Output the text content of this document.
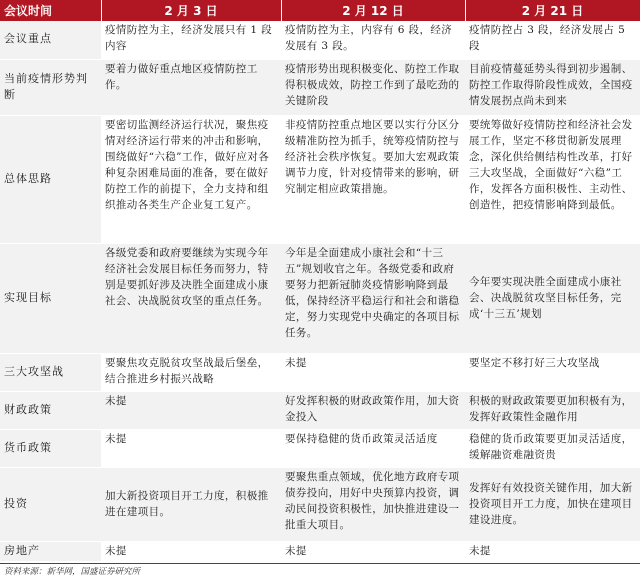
会议时间	2 月 3 日	2 月 12 日	2 月 21 日
会议重点	疫情防控为主，经济发展只有 1 段内容	疫情防控为主，内容有 6 段，经济发展有 3 段。	疫情防控占 3 段，经济发展占 5 段
当前疫情形势判断	要着力做好重点地区疫情防控工作。	疫情形势出现积极变化、防控工作取得积极成效，防控工作到了最吃劲的关键阶段	目前疫情蔓延势头得到初步遏制、防控工作取得阶段性成效，全国疫情发展拐点尚未到来
总体思路	要密切监测经济运行状况，聚焦疫情对经济运行带来的冲击和影响，围绕做好“六稳”工作，做好应对各种复杂困难局面的准备，要在做好防控工作的前提下，全力支持和组织推动各类生产企业复工复产。	非疫情防控重点地区要以实行分区分级精准防控为抓手，统筹疫情防控与经济社会秩序恢复。要加大宏观政策调节力度，针对疫情带来的影响，研究制定相应政策措施。	要统筹做好疫情防控和经济社会发展工作，坚定不移贯彻新发展理念，深化供给侧结构性改革，打好三大攻坚战，全面做好“六稳”工作，发挥各方面积极性、主动性、创造性，把疫情影响降到最低。
实现目标	各级党委和政府要继续为实现今年经济社会发展目标任务而努力，特别是要抓好涉及决胜全面建成小康社会、决战脱贫攻坚的重点任务。	今年是全面建成小康社会和“十三五”规划收官之年。各级党委和政府要努力把新冠肺炎疫情影响降到最低，保持经济平稳运行和社会和谐稳定，努力实现党中央确定的各项目标任务。	今年要实现决胜全面建成小康社会、决战脱贫攻坚目标任务，完成‘十三五’规划
三大攻坚战	要聚焦攻克脱贫攻坚战最后堡垒，结合推进乡村振兴战略	未提	要坚定不移打好三大攻坚战
财政政策	未提	好发挥积极的财政政策作用，加大资金投入	积极的财政政策要更加积极有为，发挥好政策性金融作用
货币政策	未提	要保持稳健的货币政策灵活适度	稳健的货币政策要更加灵活适度，缓解融资难融资贵
投资	加大新投资项目开工力度，积极推进在建项目。	要聚焦重点领域，优化地方政府专项债券投向，用好中央预算内投资，调动民间投资积极性，加快推进建设一批重大项目。	发挥好有效投资关键作用，加大新投资项目开工力度，加快在建项目建设进度。
房地产	未提	未提	未提
资料来源：新华网，国盛证券研究所
